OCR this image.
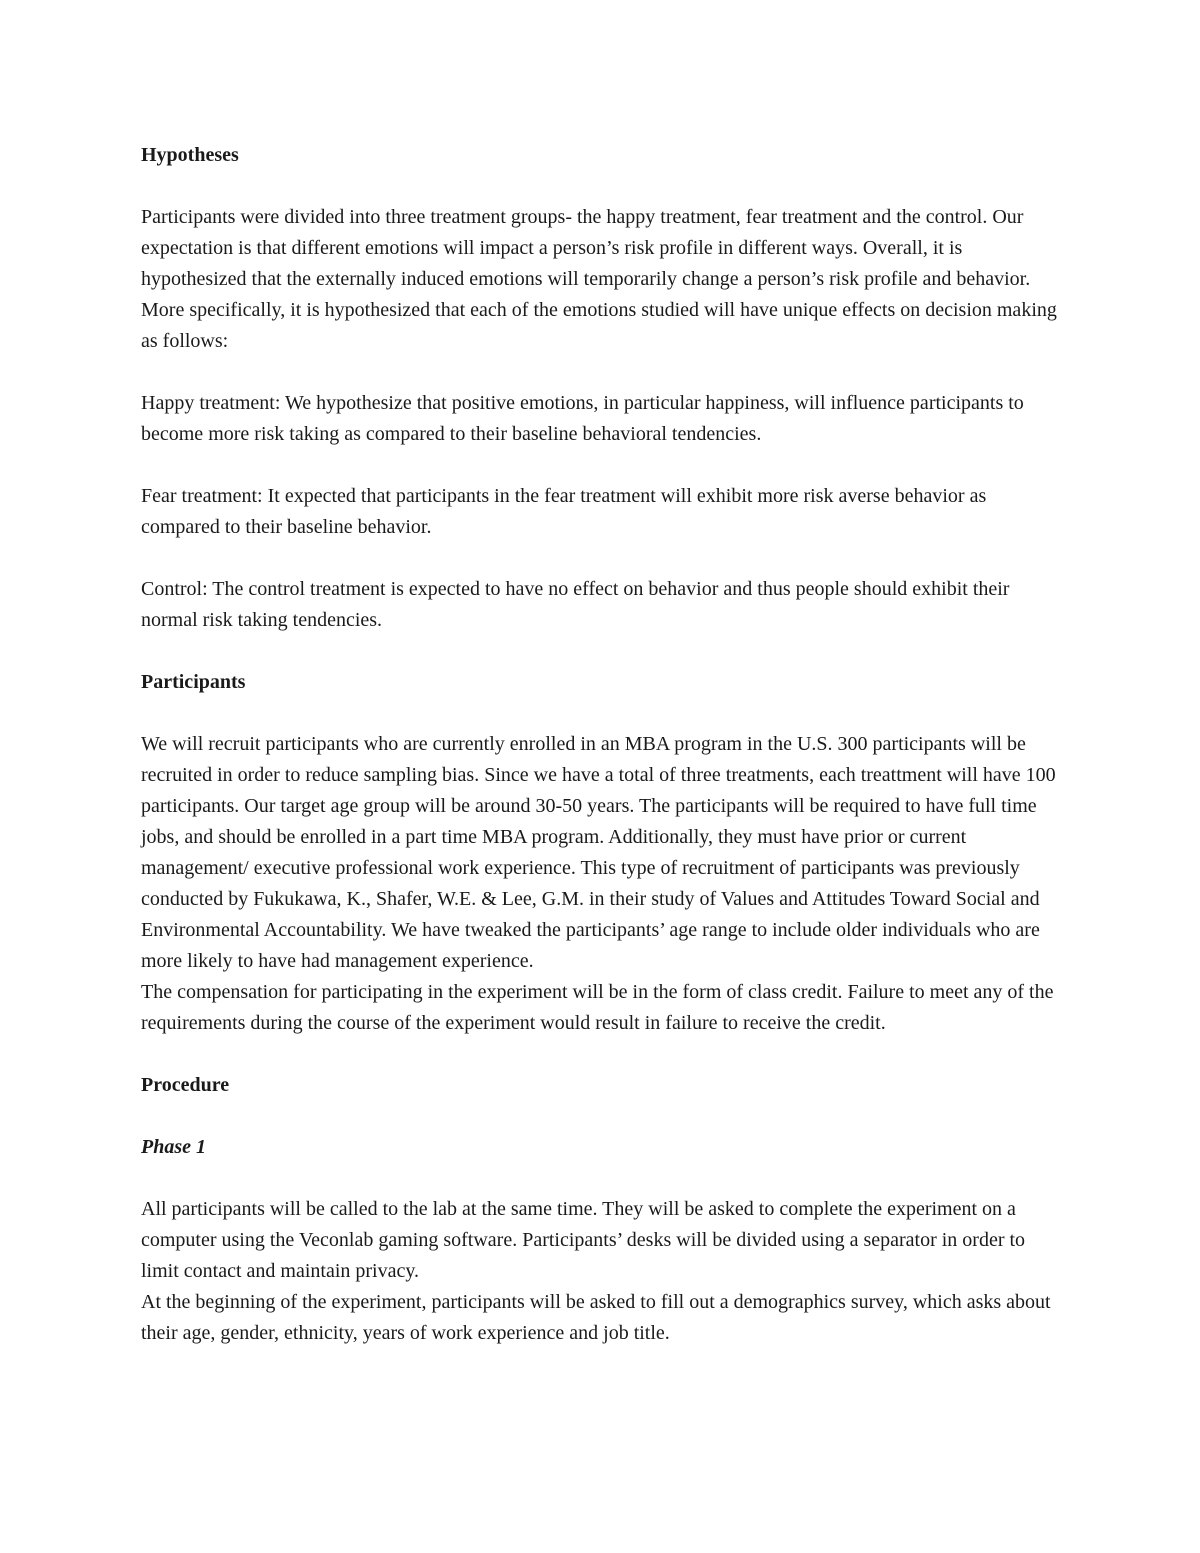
Hypotheses

Participants were divided into three treatment groups- the happy treatment, fear treatment and the control. Our expectation is that different emotions will impact a person’s risk profile in different ways. Overall, it is hypothesized that the externally induced emotions will temporarily change a person’s risk profile and behavior. More specifically, it is hypothesized that each of the emotions studied will have unique effects on decision making as follows:

Happy treatment: We hypothesize that positive emotions, in particular happiness, will influence participants to become more risk taking as compared to their baseline behavioral tendencies.

Fear treatment: It expected that participants in the fear treatment will exhibit more risk averse behavior as compared to their baseline behavior.

Control: The control treatment is expected to have no effect on behavior and thus people should exhibit their normal risk taking tendencies.

Participants

We will recruit participants who are currently enrolled in an MBA program in the U.S. 300 participants will be recruited in order to reduce sampling bias. Since we have a total of three treatments, each treattment will have 100 participants. Our target age group will be around 30-50 years. The participants will be required to have full time jobs, and should be enrolled in a part time MBA program. Additionally, they must have prior or current management/ executive professional work experience. This type of recruitment of participants was previously conducted by Fukukawa, K., Shafer, W.E. & Lee, G.M. in their study of Values and Attitudes Toward Social and Environmental Accountability. We have tweaked the participants’ age range to include older individuals who are more likely to have had management experience.

The compensation for participating in the experiment will be in the form of class credit. Failure to meet any of the requirements during the course of the experiment would result in failure to receive the credit.

Procedure

Phase 1

All participants will be called to the lab at the same time. They will be asked to complete the experiment on a computer using the Veconlab gaming software. Participants’ desks will be divided using a separator in order to limit contact and maintain privacy.

At the beginning of the experiment, participants will be asked to fill out a demographics survey, which asks about their age, gender, ethnicity, years of work experience and job title.
